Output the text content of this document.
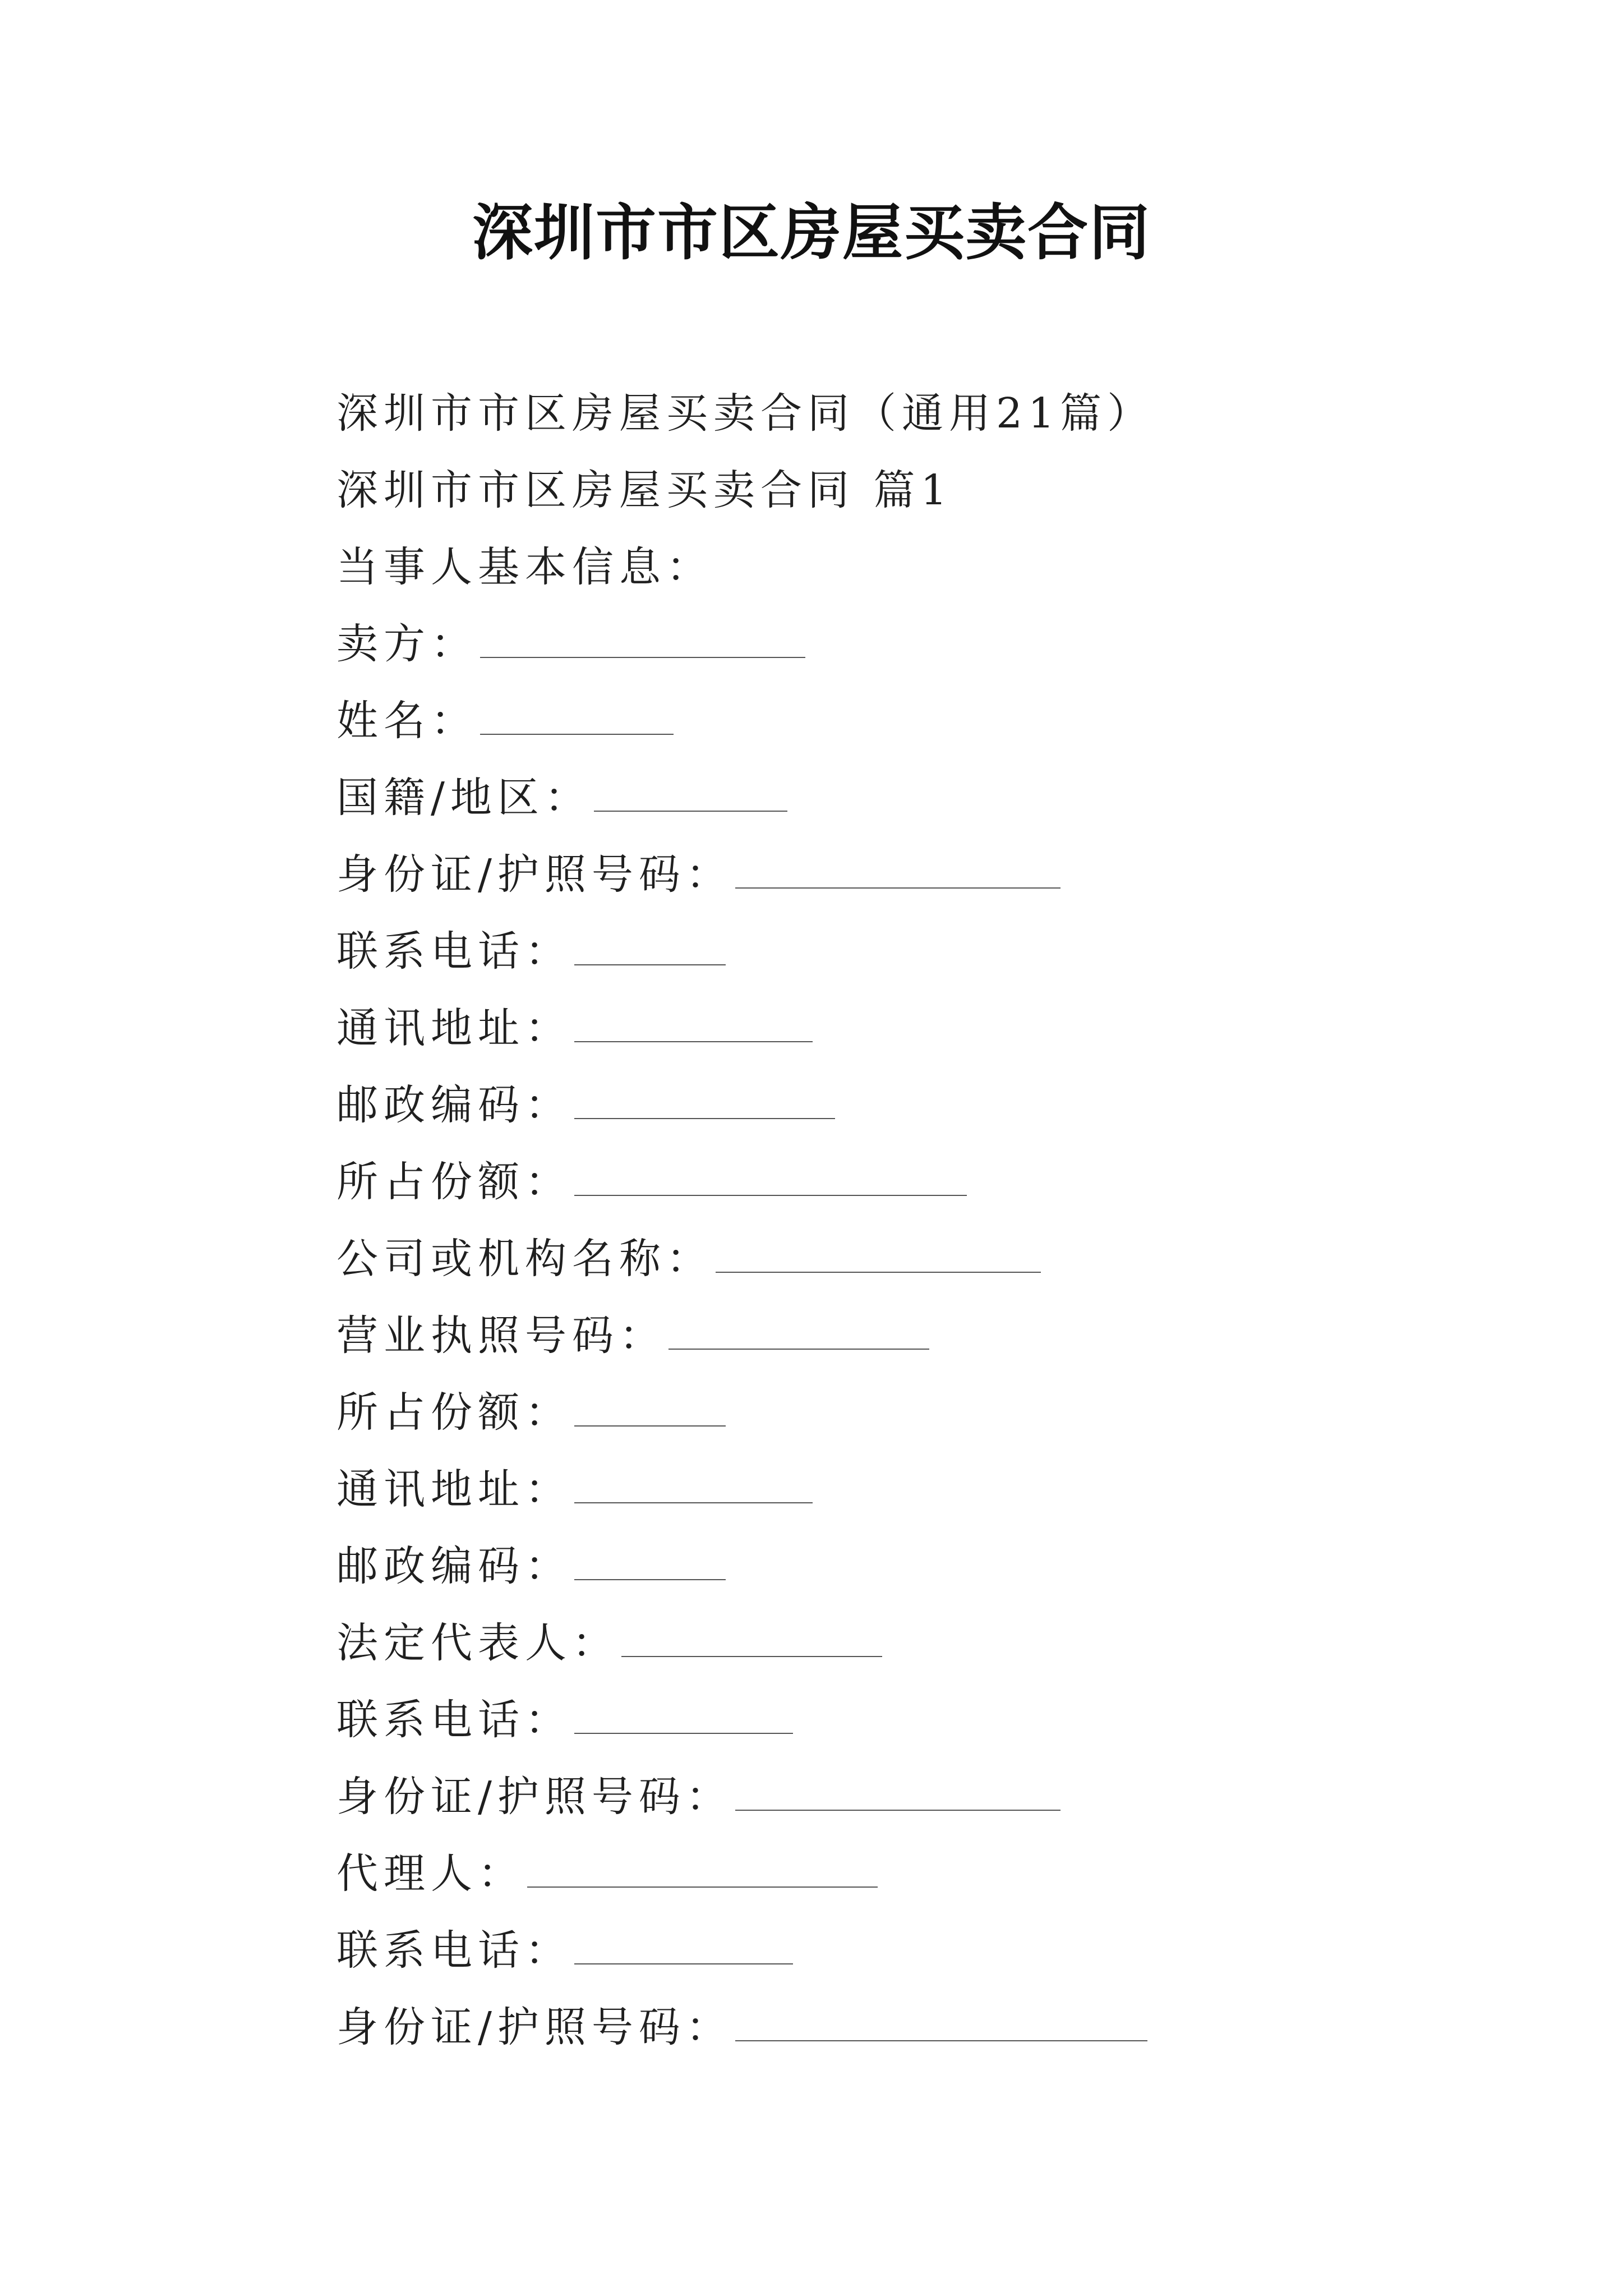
深圳市市区房屋买卖合同
深圳市市区房屋买卖合同（通用21篇）
深圳市市区房屋买卖合同 篇1
当事人基本信息：
卖方：
姓名：
国籍/地区：
身份证/护照号码：
联系电话：
通讯地址：
邮政编码：
所占份额：
公司或机构名称：
营业执照号码：
所占份额：
通讯地址：
邮政编码：
法定代表人：
联系电话：
身份证/护照号码：
代理人：
联系电话：
身份证/护照号码：
